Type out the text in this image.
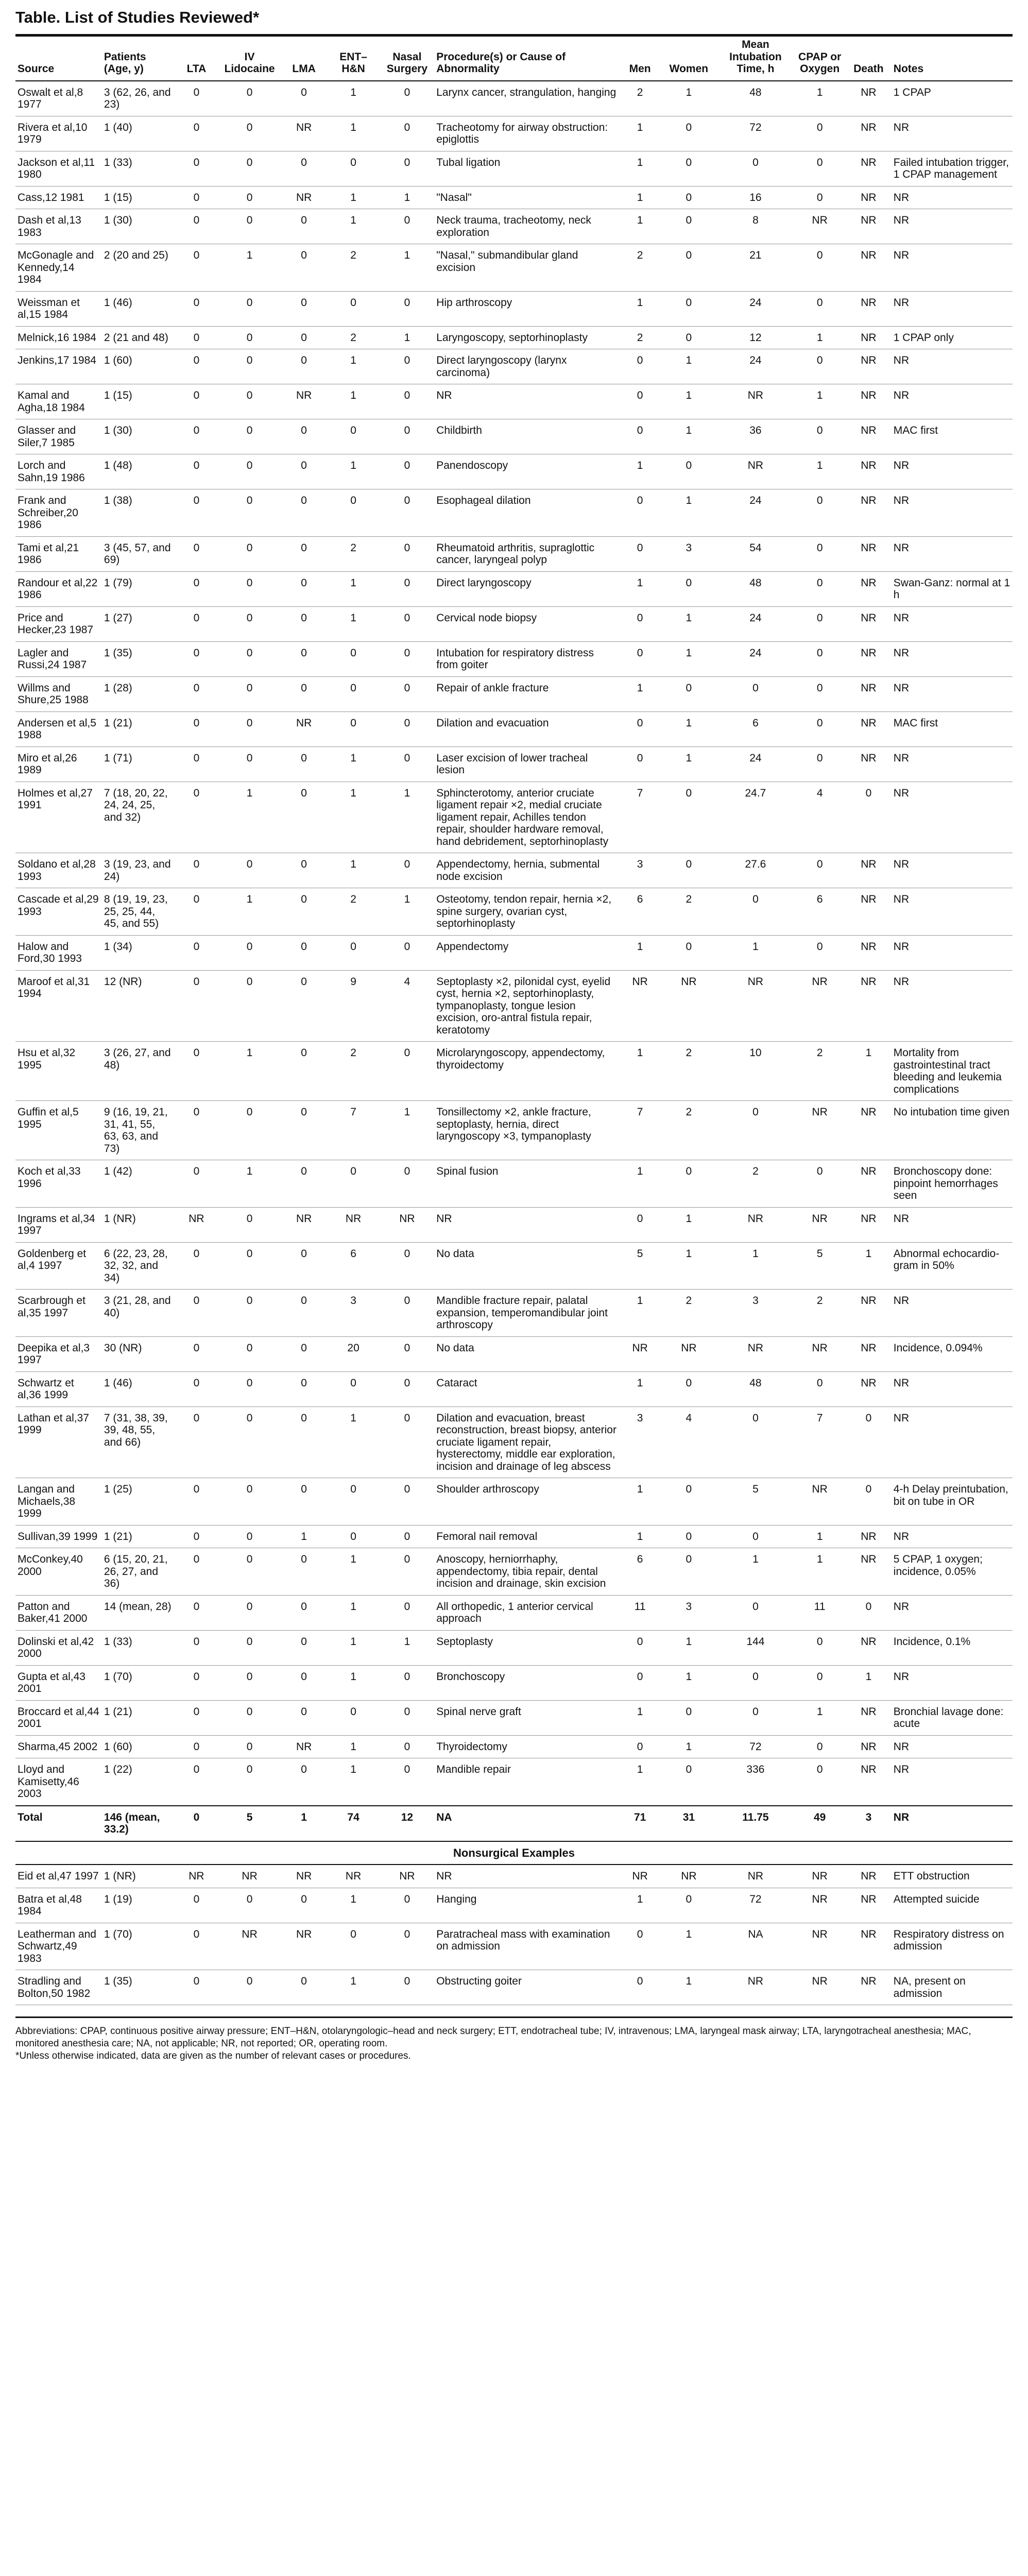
Table. List of Studies Reviewed*
Source	Patients (Age, y)	LTA	IV Lidocaine	LMA	ENT–H&N	Nasal Surgery	Procedure(s) or Cause of Abnormality	Men	Women	Mean Intubation Time, h	CPAP or Oxygen	Death	Notes
Oswalt et al,8 1977	3 (62, 26, and 23)	0	0	0	1	0	Larynx cancer, strangulation, hanging	2	1	48	1	NR	1 CPAP
Rivera et al,10 1979	1 (40)	0	0	NR	1	0	Tracheotomy for airway obstruction: epiglottis	1	0	72	0	NR	NR
Jackson et al,11 1980	1 (33)	0	0	0	0	0	Tubal ligation	1	0	0	0	NR	Failed intubation trigger, 1 CPAP management
Cass,12 1981	1 (15)	0	0	NR	1	1	"Nasal"	1	0	16	0	NR	NR
Dash et al,13 1983	1 (30)	0	0	0	1	0	Neck trauma, tracheotomy, neck exploration	1	0	8	NR	NR	NR
McGonagle and Kennedy,14 1984	2 (20 and 25)	0	1	0	2	1	"Nasal," submandibular gland excision	2	0	21	0	NR	NR
Weissman et al,15 1984	1 (46)	0	0	0	0	0	Hip arthroscopy	1	0	24	0	NR	NR
Melnick,16 1984	2 (21 and 48)	0	0	0	2	1	Laryngoscopy, septorhinoplasty	2	0	12	1	NR	1 CPAP only
Jenkins,17 1984	1 (60)	0	0	0	1	0	Direct laryngoscopy (larynx carcinoma)	0	1	24	0	NR	NR
Kamal and Agha,18 1984	1 (15)	0	0	NR	1	0	NR	0	1	NR	1	NR	NR
Glasser and Siler,7 1985	1 (30)	0	0	0	0	0	Childbirth	0	1	36	0	NR	MAC first
Lorch and Sahn,19 1986	1 (48)	0	0	0	1	0	Panendoscopy	1	0	NR	1	NR	NR
Frank and Schreiber,20 1986	1 (38)	0	0	0	0	0	Esophageal dilation	0	1	24	0	NR	NR
Tami et al,21 1986	3 (45, 57, and 69)	0	0	0	2	0	Rheumatoid arthritis, supraglottic cancer, laryngeal polyp	0	3	54	0	NR	NR
Randour et al,22 1986	1 (79)	0	0	0	1	0	Direct laryngoscopy	1	0	48	0	NR	Swan-Ganz: normal at 1 h
Price and Hecker,23 1987	1 (27)	0	0	0	1	0	Cervical node biopsy	0	1	24	0	NR	NR
Lagler and Russi,24 1987	1 (35)	0	0	0	0	0	Intubation for respiratory distress from goiter	0	1	24	0	NR	NR
Willms and Shure,25 1988	1 (28)	0	0	0	0	0	Repair of ankle fracture	1	0	0	0	NR	NR
Andersen et al,5 1988	1 (21)	0	0	NR	0	0	Dilation and evacuation	0	1	6	0	NR	MAC first
Miro et al,26 1989	1 (71)	0	0	0	1	0	Laser excision of lower tracheal lesion	0	1	24	0	NR	NR
Holmes et al,27 1991	7 (18, 20, 22, 24, 24, 25, and 32)	0	1	0	1	1	Sphincterotomy, anterior cruciate ligament repair ×2, medial cruciate ligament repair, Achilles tendon repair, shoulder hardware removal, hand debridement, septorhinoplasty	7	0	24.7	4	0	NR
Soldano et al,28 1993	3 (19, 23, and 24)	0	0	0	1	0	Appendectomy, hernia, submental node excision	3	0	27.6	0	NR	NR
Cascade et al,29 1993	8 (19, 19, 23, 25, 25, 44, 45, and 55)	0	1	0	2	1	Osteotomy, tendon repair, hernia ×2, spine surgery, ovarian cyst, septorhinoplasty	6	2	0	6	NR	NR
Halow and Ford,30 1993	1 (34)	0	0	0	0	0	Appendectomy	1	0	1	0	NR	NR
Maroof et al,31 1994	12 (NR)	0	0	0	9	4	Septoplasty ×2, pilonidal cyst, eyelid cyst, hernia ×2, septorhinoplasty, tympanoplasty, tongue lesion excision, oro-antral fistula repair, keratotomy	NR	NR	NR	NR	NR	NR
Hsu et al,32 1995	3 (26, 27, and 48)	0	1	0	2	0	Microlaryngoscopy, appendectomy, thyroidectomy	1	2	10	2	1	Mortality from gastrointestinal tract bleeding and leukemia complications
Guffin et al,5 1995	9 (16, 19, 21, 31, 41, 55, 63, 63, and 73)	0	0	0	7	1	Tonsillectomy ×2, ankle fracture, septoplasty, hernia, direct laryngoscopy ×3, tympanoplasty	7	2	0	NR	NR	No intubation time given
Koch et al,33 1996	1 (42)	0	1	0	0	0	Spinal fusion	1	0	2	0	NR	Bronchoscopy done: pinpoint hemorrhages seen
Ingrams et al,34 1997	1 (NR)	NR	0	NR	NR	NR	NR	0	1	NR	NR	NR	NR
Goldenberg et al,4 1997	6 (22, 23, 28, 32, 32, and 34)	0	0	0	6	0	No data	5	1	1	5	1	Abnormal echocardio-gram in 50%
Scarbrough et al,35 1997	3 (21, 28, and 40)	0	0	0	3	0	Mandible fracture repair, palatal expansion, temperomandibular joint arthroscopy	1	2	3	2	NR	NR
Deepika et al,3 1997	30 (NR)	0	0	0	20	0	No data	NR	NR	NR	NR	NR	Incidence, 0.094%
Schwartz et al,36 1999	1 (46)	0	0	0	0	0	Cataract	1	0	48	0	NR	NR
Lathan et al,37 1999	7 (31, 38, 39, 39, 48, 55, and 66)	0	0	0	1	0	Dilation and evacuation, breast reconstruction, breast biopsy, anterior cruciate ligament repair, hysterectomy, middle ear exploration, incision and drainage of leg abscess	3	4	0	7	0	NR
Langan and Michaels,38 1999	1 (25)	0	0	0	0	0	Shoulder arthroscopy	1	0	5	NR	0	4-h Delay preintubation, bit on tube in OR
Sullivan,39 1999	1 (21)	0	0	1	0	0	Femoral nail removal	1	0	0	1	NR	NR
McConkey,40 2000	6 (15, 20, 21, 26, 27, and 36)	0	0	0	1	0	Anoscopy, herniorrhaphy, appendectomy, tibia repair, dental incision and drainage, skin excision	6	0	1	1	NR	5 CPAP, 1 oxygen; incidence, 0.05%
Patton and Baker,41 2000	14 (mean, 28)	0	0	0	1	0	All orthopedic, 1 anterior cervical approach	11	3	0	11	0	NR
Dolinski et al,42 2000	1 (33)	0	0	0	1	1	Septoplasty	0	1	144	0	NR	Incidence, 0.1%
Gupta et al,43 2001	1 (70)	0	0	0	1	0	Bronchoscopy	0	1	0	0	1	NR
Broccard et al,44 2001	1 (21)	0	0	0	0	0	Spinal nerve graft	1	0	0	1	NR	Bronchial lavage done: acute
Sharma,45 2002	1 (60)	0	0	NR	1	0	Thyroidectomy	0	1	72	0	NR	NR
Lloyd and Kamisetty,46 2003	1 (22)	0	0	0	1	0	Mandible repair	1	0	336	0	NR	NR
Total	146 (mean, 33.2)	0	5	1	74	12	NA	71	31	11.75	49	3	NR
Nonsurgical Examples													
Eid et al,47 1997	1 (NR)	NR	NR	NR	NR	NR	NR	NR	NR	NR	NR	NR	ETT obstruction
Batra et al,48 1984	1 (19)	0	0	0	1	0	Hanging	1	0	72	NR	NR	Attempted suicide
Leatherman and Schwartz,49 1983	1 (70)	0	NR	NR	0	0	Paratracheal mass with examination on admission	0	1	NA	NR	NR	Respiratory distress on admission
Stradling and Bolton,50 1982	1 (35)	0	0	0	1	0	Obstructing goiter	0	1	NR	NR	NR	NA, present on admission

Abbreviations: CPAP, continuous positive airway pressure; ENT–H&N, otolaryngologic–head and neck surgery; ETT, endotracheal tube; IV, intravenous; LMA, laryngeal mask airway; LTA, laryngotracheal anesthesia; MAC, monitored anesthesia care; NA, not applicable; NR, not reported; OR, operating room.

*Unless otherwise indicated, data are given as the number of relevant cases or procedures.
